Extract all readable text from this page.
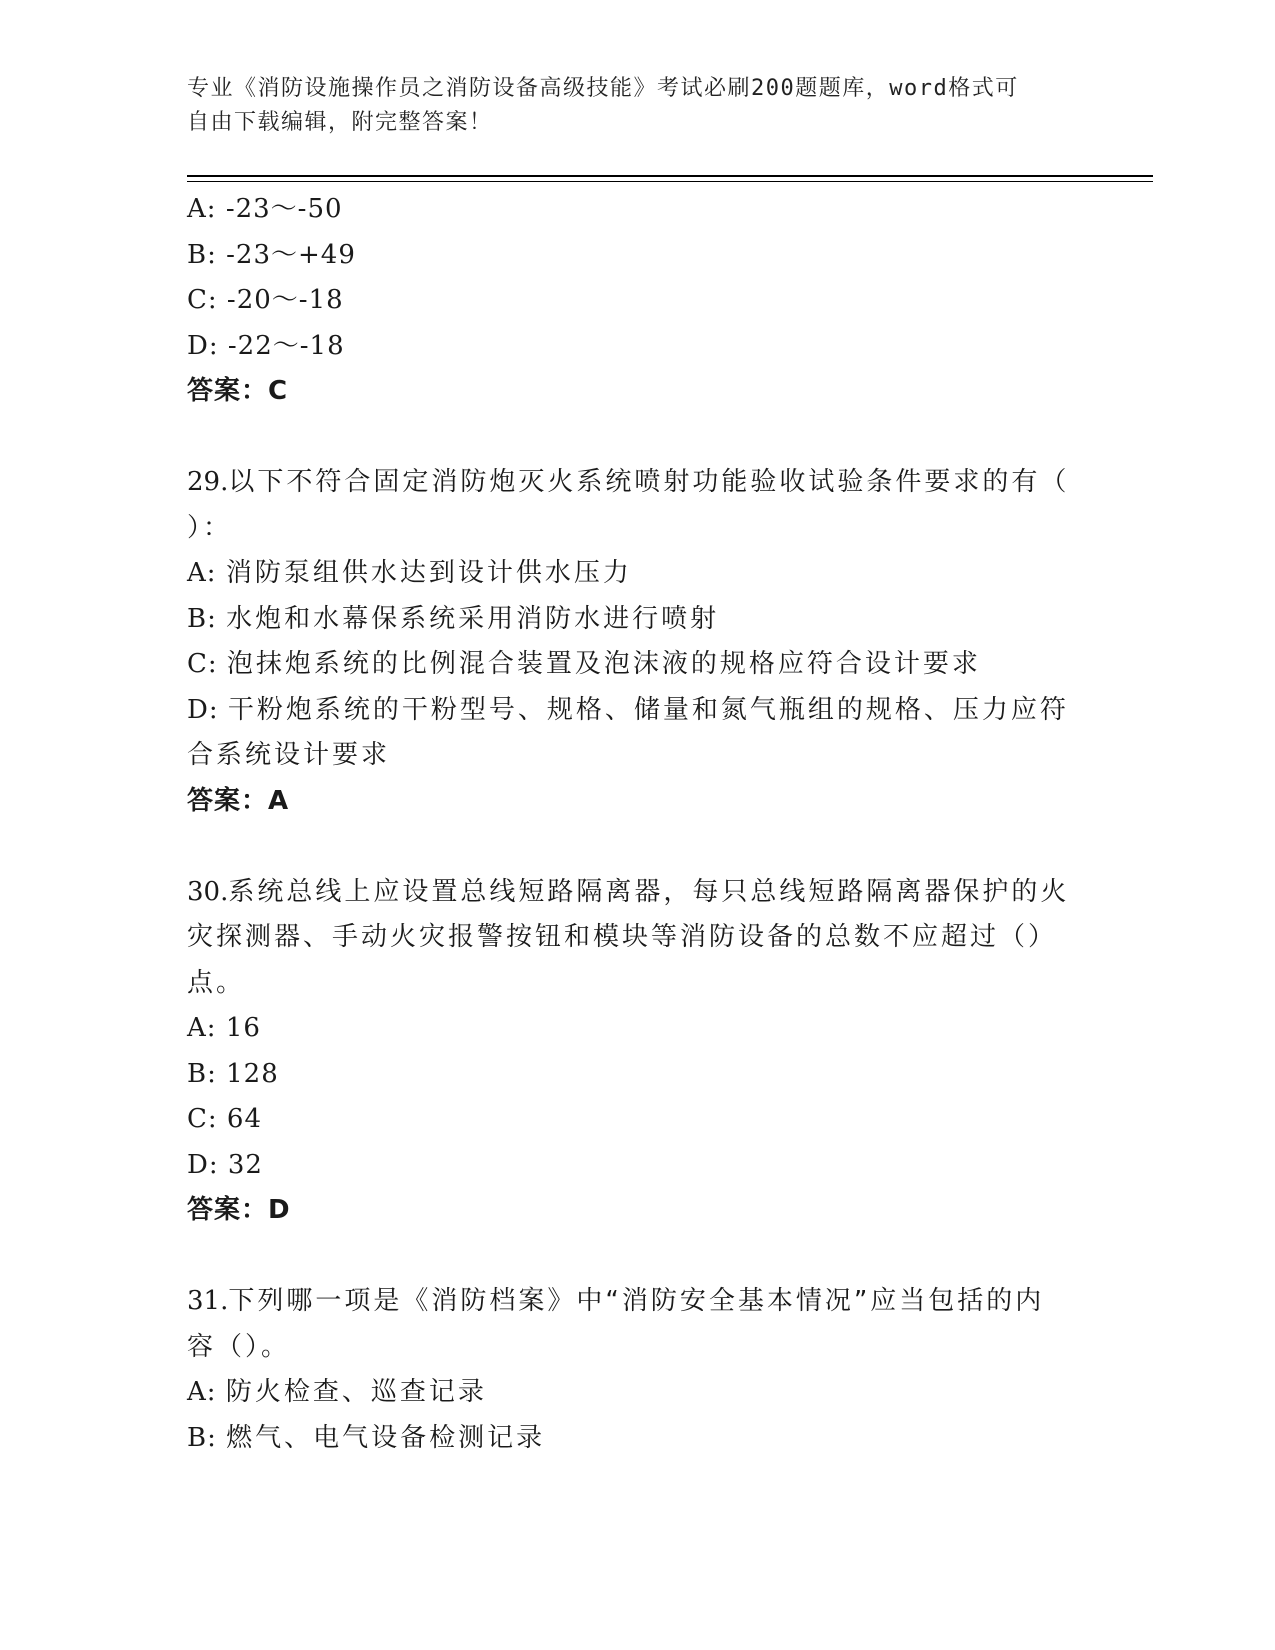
专业《消防设施操作员之消防设备高级技能》考试必刷200题题库，word格式可
自由下载编辑，附完整答案！
A: -23～-50
B: -23～+49
C: -20～-18
D: -22～-18
答案：C
29.以下不符合固定消防炮灭火系统喷射功能验收试验条件要求的有（
）：
A: 消防泵组供水达到设计供水压力
B: 水炮和水幕保系统采用消防水进行喷射
C: 泡抹炮系统的比例混合装置及泡沫液的规格应符合设计要求
D: 干粉炮系统的干粉型号、规格、储量和氮气瓶组的规格、压力应符
合系统设计要求
答案：A
30.系统总线上应设置总线短路隔离器，每只总线短路隔离器保护的火
灾探测器、手动火灾报警按钮和模块等消防设备的总数不应超过（）
点。
A: 16
B: 128
C: 64
D: 32
答案：D
31.下列哪一项是《消防档案》中“消防安全基本情况”应当包括的内
容（）。
A: 防火检查、巡查记录
B: 燃气、电气设备检测记录
